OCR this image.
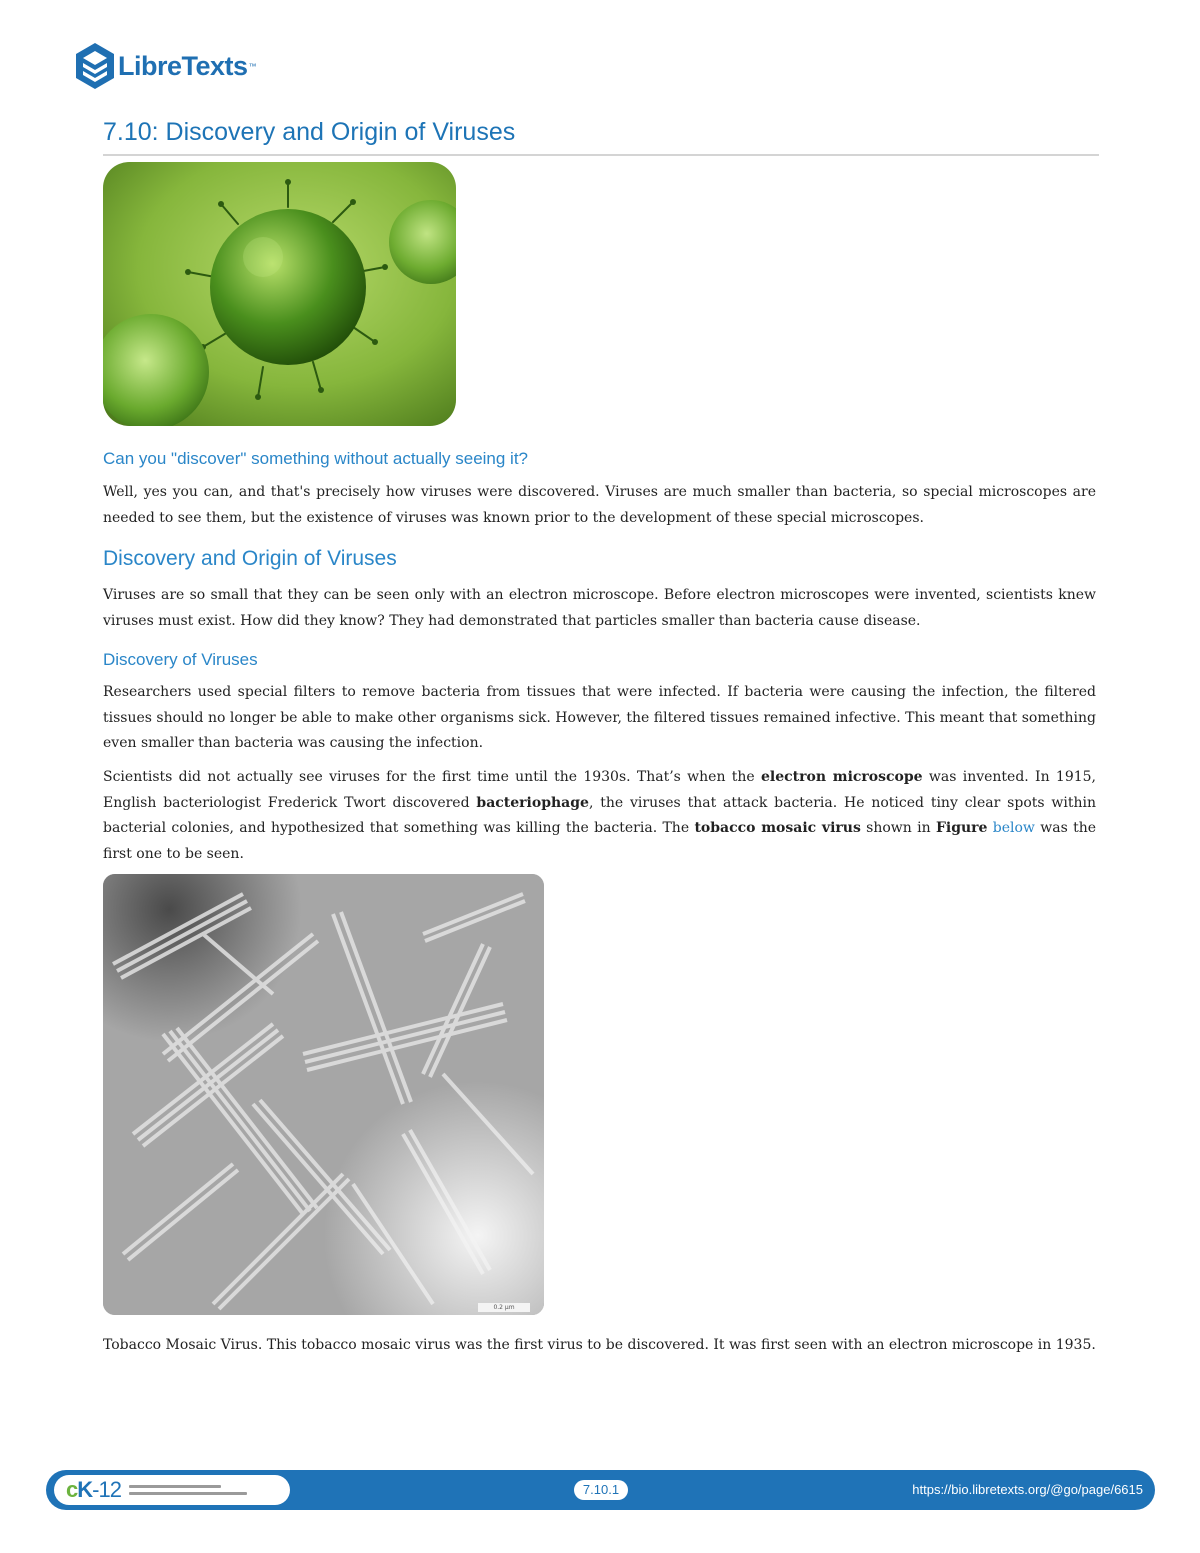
LibreTexts ™
7.10: Discovery and Origin of Viruses
Can you "discover" something without actually seeing it?

Well, yes you can, and that's precisely how viruses were discovered. Viruses are much smaller than bacteria, so special microscopes are needed to see them, but the existence of viruses was known prior to the development of these special microscopes.

Discovery and Origin of Viruses

Viruses are so small that they can be seen only with an electron microscope. Before electron microscopes were invented, scientists knew viruses must exist. How did they know? They had demonstrated that particles smaller than bacteria cause disease.

Discovery of Viruses

Researchers used special filters to remove bacteria from tissues that were infected. If bacteria were causing the infection, the filtered tissues should no longer be able to make other organisms sick. However, the filtered tissues remained infective. This meant that something even smaller than bacteria was causing the infection.

Scientists did not actually see viruses for the first time until the 1930s. That’s when the electron microscope was invented. In 1915, English bacteriologist Frederick Twort discovered bacteriophage, the viruses that attack bacteria. He noticed tiny clear spots within bacterial colonies, and hypothesized that something was killing the bacteria. The tobacco mosaic virus shown in Figure below was the first one to be seen.

0.2 µm

Tobacco Mosaic Virus. This tobacco mosaic virus was the first virus to be discovered. It was first seen with an electron microscope in 1935.

cK-12	7.10.1	https://bio.libretexts.org/@go/page/6615
